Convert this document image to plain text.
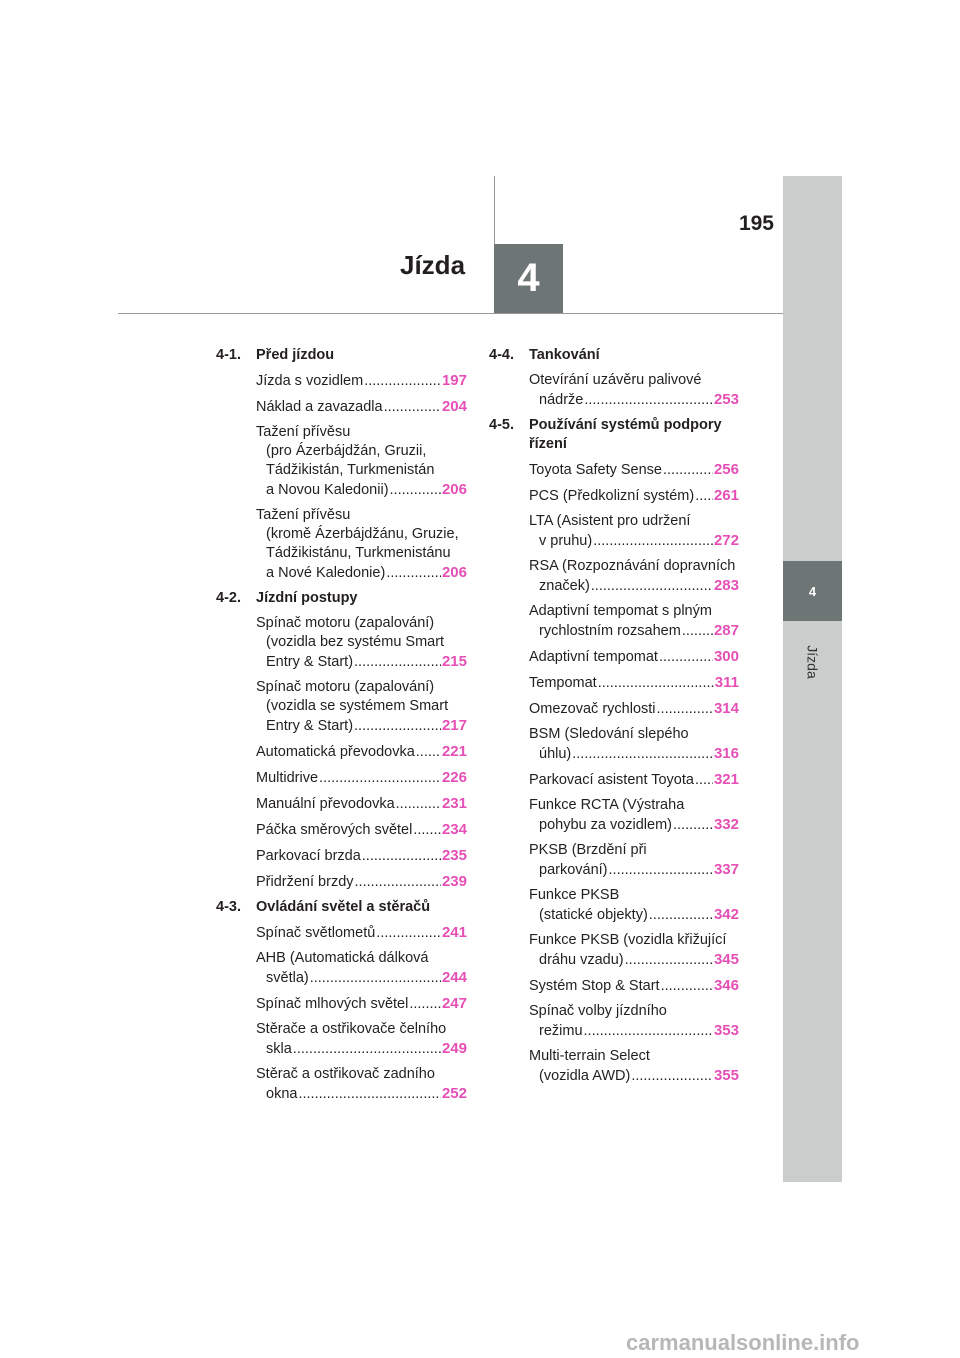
195
Jízda	4
4
Jízda
4-1.	Před jízdou
Jízda s vozidlem .....	197
Náklad a zavazadla .....	204
Tažení přívěsu
(pro Ázerbájdžán, Gruzii,
Tádžikistán, Turkmenistán
a Novou Kaledonii) .....	206
Tažení přívěsu
(kromě Ázerbájdžánu, Gruzie,
Tádžikistánu, Turkmenistánu
a Nové Kaledonie) .....	206
4-2.	Jízdní postupy
Spínač motoru (zapalování)
(vozidla bez systému Smart
Entry & Start) .....	215
Spínač motoru (zapalování)
(vozidla se systémem Smart
Entry & Start) .....	217
Automatická převodovka ..... 221
Multidrive .....	226
Manuální převodovka .....	231
Páčka směrových světel ..... 234
Parkovací brzda .....	235
Přidržení brzdy .....	239
4-3.	Ovládání světel a stěračů
Spínač světlometů .....	241
AHB (Automatická dálková
světla) .....	244
Spínač mlhových světel ..... 247
Stěrače a ostřikovače čelního
skla .....	249
Stěrač a ostřikovač zadního
okna .....	252
4-4.	Tankování
Otevírání uzávěru palivové
nádrže .....	253
4-5.	Používání systémů podpory
řízení
Toyota Safety Sense .....	256
PCS (Předkolizní systém) ..... 261
LTA (Asistent pro udržení
v pruhu) .....	272
RSA (Rozpoznávání dopravních
značek) .....	283
Adaptivní tempomat s plným
rychlostním rozsahem ..... 287
Adaptivní tempomat .....	300
Tempomat .....	311
Omezovač rychlosti .....	314
BSM (Sledování slepého
úhlu) .....	316
Parkovací asistent Toyota ..... 321
Funkce RCTA (Výstraha
pohybu za vozidlem) .....	332
PKSB (Brzdění při
parkování) .....	337
Funkce PKSB
(statické objekty) .....	342
Funkce PKSB (vozidla křižující
dráhu vzadu) .....	345
Systém Stop & Start .....	346
Spínač volby jízdního
režimu .....	353
Multi-terrain Select
(vozidla AWD) .....	355
carmanualsonline.info
